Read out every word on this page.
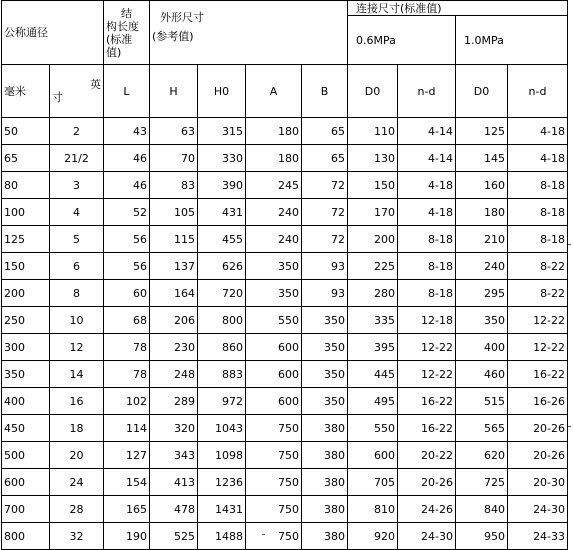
公称通径		结
构长度
(标准值)	外形尺寸
(参考值)				连接尺寸(标准值)			
							0.6MPa		1.0MPa	
毫米	英
寸	L	H	H0	A	B	D0	n-d	D0	n-d
50	2	43	63	315	180	65	110	4-14	125	4-18
65	21/2	46	70	330	180	65	130	4-14	145	4-18
80	3	46	83	390	245	72	150	4-18	160	8-18
100	4	52	105	431	240	72	170	4-18	180	8-18
125	5	56	115	455	240	72	200	8-18	210	8-18
150	6	56	137	626	350	93	225	8-18	240	8-22
200	8	60	164	720	350	93	280	8-18	295	8-22
250	10	68	206	800	550	350	335	12-18	350	12-22
300	12	78	230	860	600	350	395	12-22	400	12-22
350	14	78	248	883	600	350	445	12-22	460	16-22
400	16	102	289	972	600	350	495	16-22	515	16-26
450	18	114	320	1043	750	380	550	16-22	565	20-26
500	20	127	343	1098	750	380	600	20-22	620	20-26
600	24	154	413	1236	750	380	705	20-26	725	20-30
700	28	165	478	1431	750	380	810	24-26	840	24-30
800	32	190	525	1488	750	380	920	24-30	950	24-33
